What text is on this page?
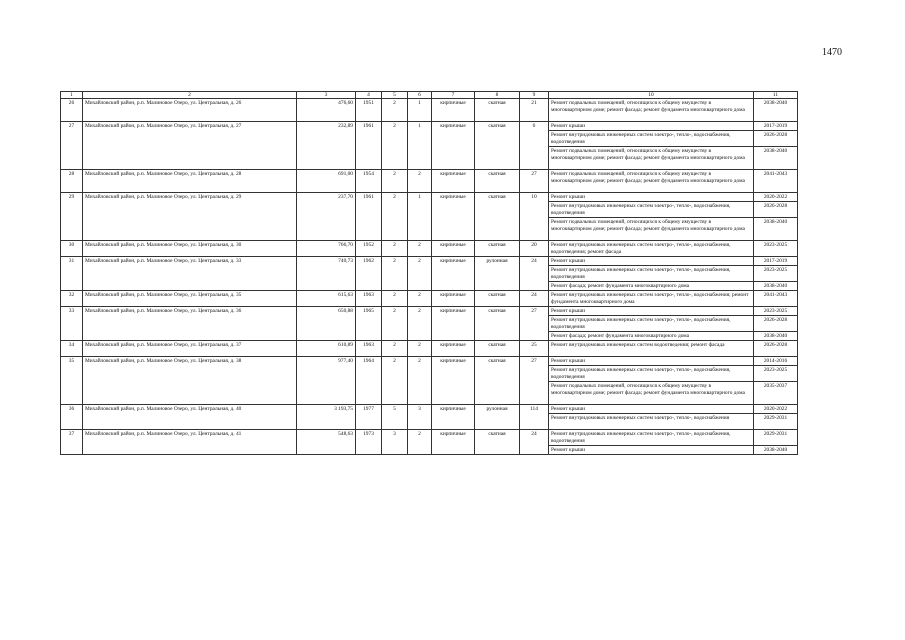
1470
1	2	3	4	5	6	7	8	9	10	11
26	Михайловский район, р.п. Малиновое Озеро, ул. Центральная, д. 26	476,60	1951	2	1	кирпичные	скатная	21	Ремонт подвальных помещений, относящихся к общему имуществу в многоквартирном доме; ремонт фасада; ремонт фундамента многоквартирного дома	2038-2040
27	Михайловский район, р.п. Малиновое Озеро, ул. Центральная, д. 27	232,89	1961	2	1	кирпичные	скатная	6	Ремонт крыши	2017-2019
									Ремонт внутридомовых инженерных систем электро-, тепло-, водоснабжения, водоотведения	2026-2028
									Ремонт подвальных помещений, относящихся к общему имуществу в многоквартирном доме; ремонт фасада; ремонт фундамента многоквартирного дома	2038-2040
28	Михайловский район, р.п. Малиновое Озеро, ул. Центральная, д. 28	691,00	1954	2	2	кирпичные	скатная	27	Ремонт подвальных помещений, относящихся к общему имуществу в многоквартирном доме; ремонт фасада; ремонт фундамента многоквартирного дома	2041-2043
29	Михайловский район, р.п. Малиновое Озеро, ул. Центральная, д. 29	237,70	1961	2	1	кирпичные	скатная	10	Ремонт крыши	2020-2022
									Ремонт внутридомовых инженерных систем электро-, тепло-, водоснабжения, водоотведения	2026-2028
									Ремонт подвальных помещений, относящихся к общему имуществу в многоквартирном доме; ремонт фасада; ремонт фундамента многоквартирного дома	2038-2040
30	Михайловский район, р.п. Малиновое Озеро, ул. Центральная, д. 30	766,70	1952	2	2	кирпичные	скатная	20	Ремонт внутридомовых инженерных систем электро-, тепло-, водоснабжения, водоотведения; ремонт фасада	2023-2025
31	Михайловский район, р.п. Малиновое Озеро, ул. Центральная, д. 33	740,73	1962	2	2	кирпичные	рулонная	24	Ремонт крыши	2017-2019
									Ремонт внутридомовых инженерных систем электро-, тепло-, водоснабжения, водоотведения	2023-2025
									Ремонт фасада; ремонт фундамента многоквартирного дома	2038-2040
32	Михайловский район, р.п. Малиновое Озеро, ул. Центральная, д. 35	615,63	1963	2	2	кирпичные	скатная	24	Ремонт внутридомовых инженерных систем электро-, тепло-, водоснабжения; ремонт фундамента многоквартирного дома	2041-2043
33	Михайловский район, р.п. Малиновое Озеро, ул. Центральная, д. 36	650,88	1965	2	2	кирпичные	скатная	27	Ремонт крыши	2023-2025
									Ремонт внутридомовых инженерных систем электро-, тепло-, водоснабжения, водоотведения	2026-2028
									Ремонт фасада; ремонт фундамента многоквартирного дома	2038-2040
34	Михайловский район, р.п. Малиновое Озеро, ул. Центральная, д. 37	610,89	1963	2	2	кирпичные	скатная	25	Ремонт внутридомовых инженерных систем водоотведения; ремонт фасада	2026-2028
35	Михайловский район, р.п. Малиновое Озеро, ул. Центральная, д. 38	977,40	1964	2	2	кирпичные	скатная	27	Ремонт крыши	2014-2016
									Ремонт внутридомовых инженерных систем электро-, тепло-, водоснабжения, водоотведения	2023-2025
									Ремонт подвальных помещений, относящихся к общему имуществу в многоквартирном доме; ремонт фасада; ремонт фундамента многоквартирного дома	2035-2037
36	Михайловский район, р.п. Малиновое Озеро, ул. Центральная, д. 40	3 193,75	1977	5	3	кирпичные	рулонная	114	Ремонт крыши	2020-2022
									Ремонт внутридомовых инженерных систем электро-, тепло-, водоснабжения	2029-2031
37	Михайловский район, р.п. Малиновое Озеро, ул. Центральная, д. 41	548,63	1973	3	2	кирпичные	скатная	24	Ремонт внутридомовых инженерных систем электро-, тепло-, водоснабжения, водоотведения	2029-2031
									Ремонт крыши	2038-2040
